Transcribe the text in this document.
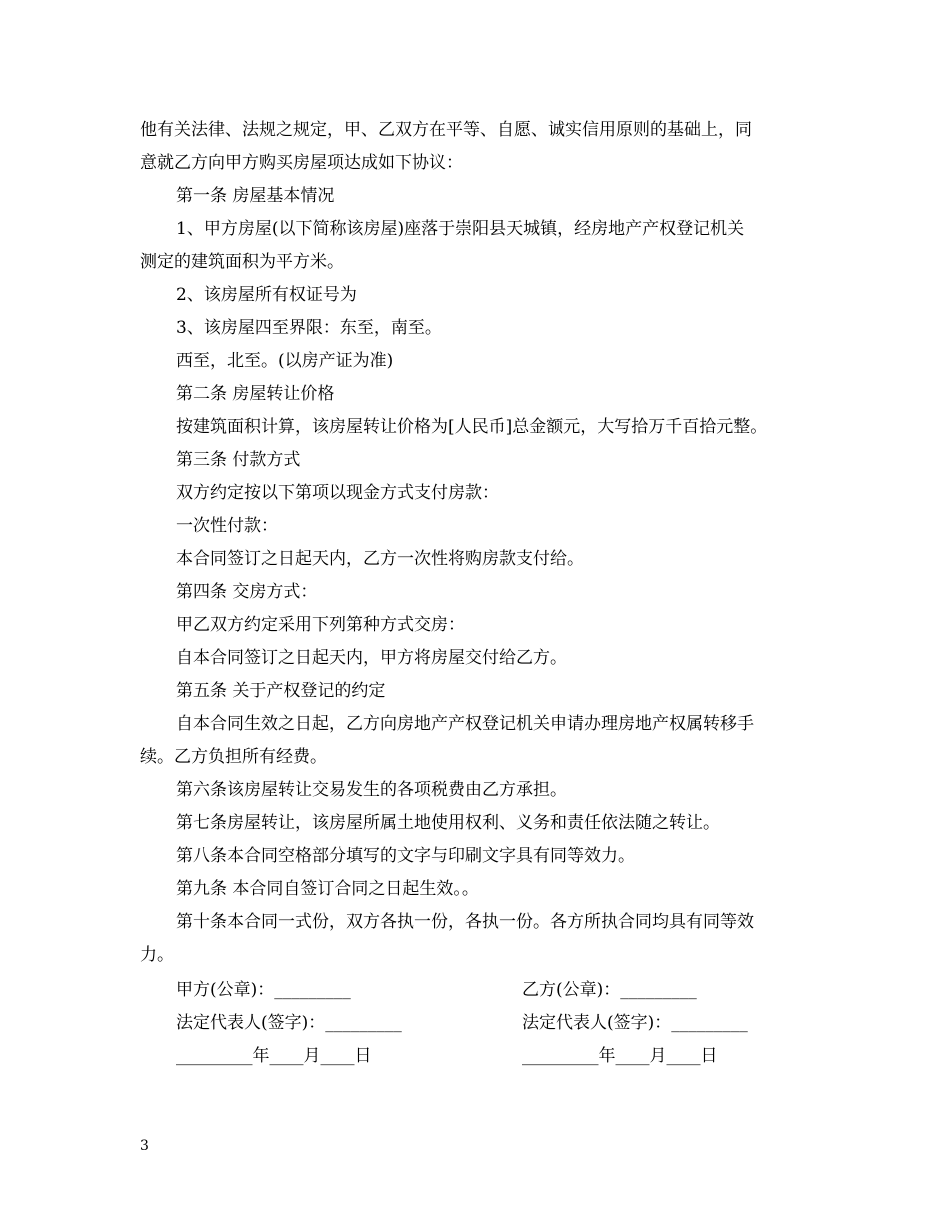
他有关法律、法规之规定，甲、乙双方在平等、自愿、诚实信用原则的基础上，同
意就乙方向甲方购买房屋项达成如下协议：
第一条 房屋基本情况
1、甲方房屋(以下简称该房屋)座落于崇阳县天城镇，经房地产产权登记机关
测定的建筑面积为平方米。
2、该房屋所有权证号为
3、该房屋四至界限：东至，南至。
西至，北至。(以房产证为准)
第二条 房屋转让价格
按建筑面积计算，该房屋转让价格为[人民币]总金额元，大写拾万千百拾元整。
第三条 付款方式
双方约定按以下第项以现金方式支付房款：
一次性付款：
本合同签订之日起天内，乙方一次性将购房款支付给。
第四条 交房方式：
甲乙双方约定采用下列第种方式交房：
自本合同签订之日起天内，甲方将房屋交付给乙方。
第五条 关于产权登记的约定
自本合同生效之日起，乙方向房地产产权登记机关申请办理房地产权属转移手
续。乙方负担所有经费。
第六条该房屋转让交易发生的各项税费由乙方承担。
第七条房屋转让，该房屋所属土地使用权利、义务和责任依法随之转让。
第八条本合同空格部分填写的文字与印刷文字具有同等效力。
第九条 本合同自签订合同之日起生效。。
第十条本合同一式份，双方各执一份，各执一份。各方所执合同均具有同等效
力。
甲方(公章)：_________	乙方(公章)：_________
法定代表人(签字)：_________	法定代表人(签字)：_________
_________年____月____日	_________年____月____日
3
